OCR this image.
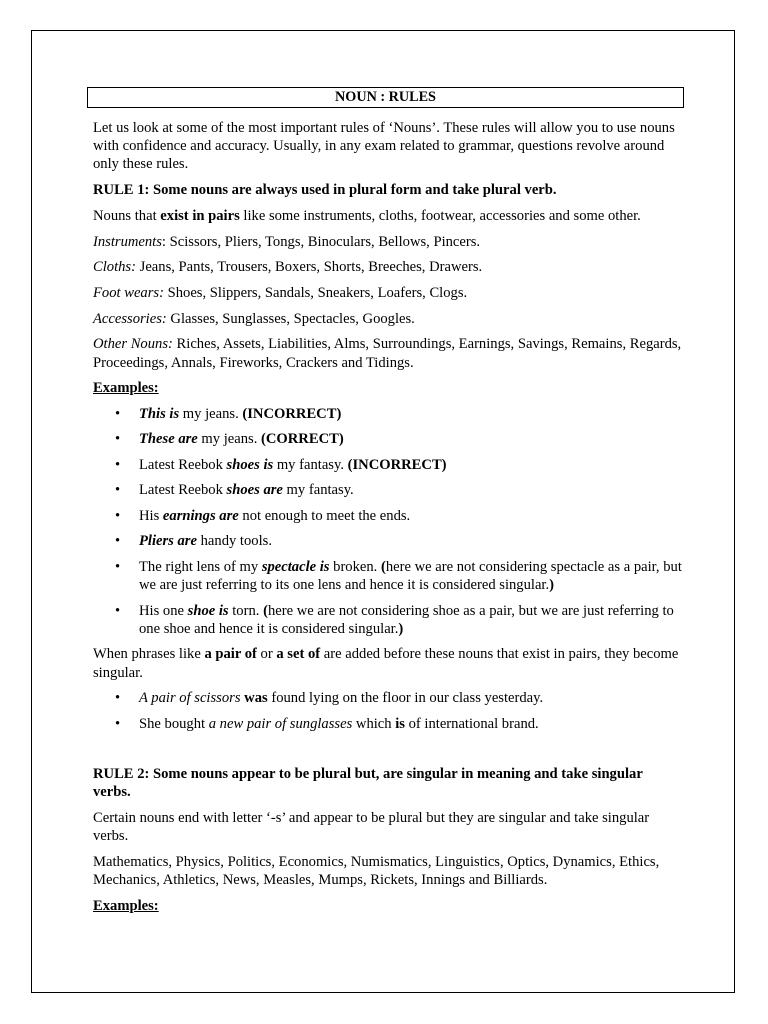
NOUN : RULES

Let us look at some of the most important rules of ‘Nouns’. These rules will allow you to use nouns with confidence and accuracy. Usually, in any exam related to grammar, questions revolve around only these rules.

RULE 1: Some nouns are always used in plural form and take plural verb.

Nouns that exist in pairs like some instruments, cloths, footwear, accessories and some other.

Instruments: Scissors, Pliers, Tongs, Binoculars, Bellows, Pincers.

Cloths: Jeans, Pants, Trousers, Boxers, Shorts, Breeches, Drawers.

Foot wears: Shoes, Slippers, Sandals, Sneakers, Loafers, Clogs.

Accessories: Glasses, Sunglasses, Spectacles, Googles.

Other Nouns: Riches, Assets, Liabilities, Alms, Surroundings, Earnings, Savings, Remains, Regards, Proceedings, Annals, Fireworks, Crackers and Tidings.

Examples:

• This is my jeans. (INCORRECT)
• These are my jeans. (CORRECT)
• Latest Reebok shoes is my fantasy. (INCORRECT)
• Latest Reebok shoes are my fantasy.
• His earnings are not enough to meet the ends.
• Pliers are handy tools.
• The right lens of my spectacle is broken. (here we are not considering spectacle as a pair, but we are just referring to its one lens and hence it is considered singular.)
• His one shoe is torn. (here we are not considering shoe as a pair, but we are just referring to one shoe and hence it is considered singular.)

When phrases like a pair of or a set of are added before these nouns that exist in pairs, they become singular.

• A pair of scissors was found lying on the floor in our class yesterday.
• She bought a new pair of sunglasses which is of international brand.

RULE 2: Some nouns appear to be plural but, are singular in meaning and take singular verbs.

Certain nouns end with letter ‘-s’ and appear to be plural but they are singular and take singular verbs.

Mathematics, Physics, Politics, Economics, Numismatics, Linguistics, Optics, Dynamics, Ethics, Mechanics, Athletics, News, Measles, Mumps, Rickets, Innings and Billiards.

Examples:
